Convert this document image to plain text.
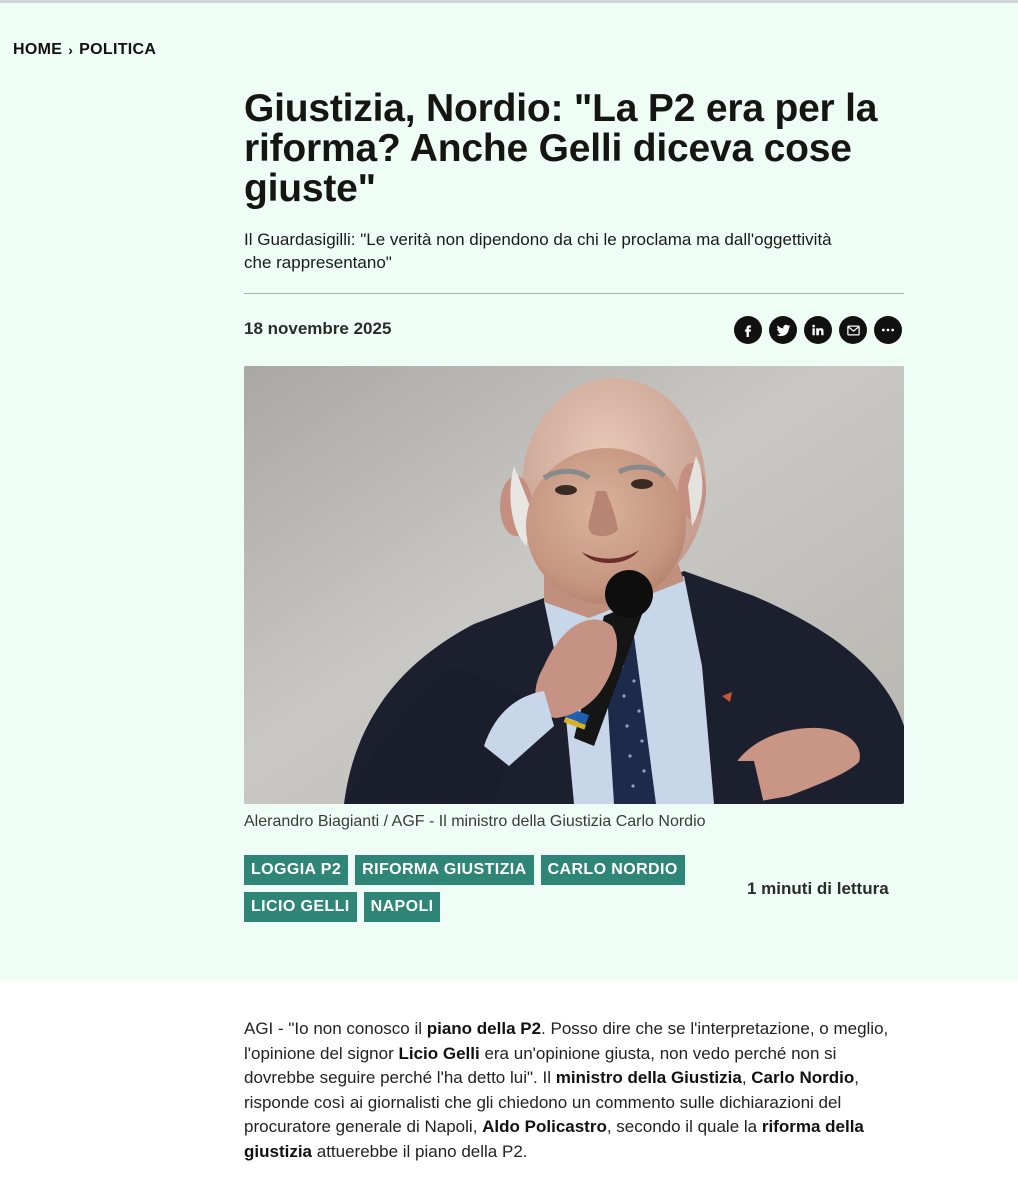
HOME › POLITICA
Giustizia, Nordio: "La P2 era per la riforma? Anche Gelli diceva cose giuste"

Il Guardasigilli: "Le verità non dipendono da chi le proclama ma dall'oggettività che rappresentano"

18 novembre 2025
Alerandro Biagianti / AGF - Il ministro della Giustizia Carlo Nordio
LOGGIA P2	RIFORMA GIUSTIZIA	CARLO NORDIO
LICIO GELLI	NAPOLI
1 minuti di lettura

AGI - "Io non conosco il piano della P2. Posso dire che se l'interpretazione, o meglio, l'opinione del signor Licio Gelli era un'opinione giusta, non vedo perché non si dovrebbe seguire perché l'ha detto lui". Il ministro della Giustizia, Carlo Nordio, risponde così ai giornalisti che gli chiedono un commento sulle dichiarazioni del procuratore generale di Napoli, Aldo Policastro, secondo il quale la riforma della giustizia attuerebbe il piano della P2.
